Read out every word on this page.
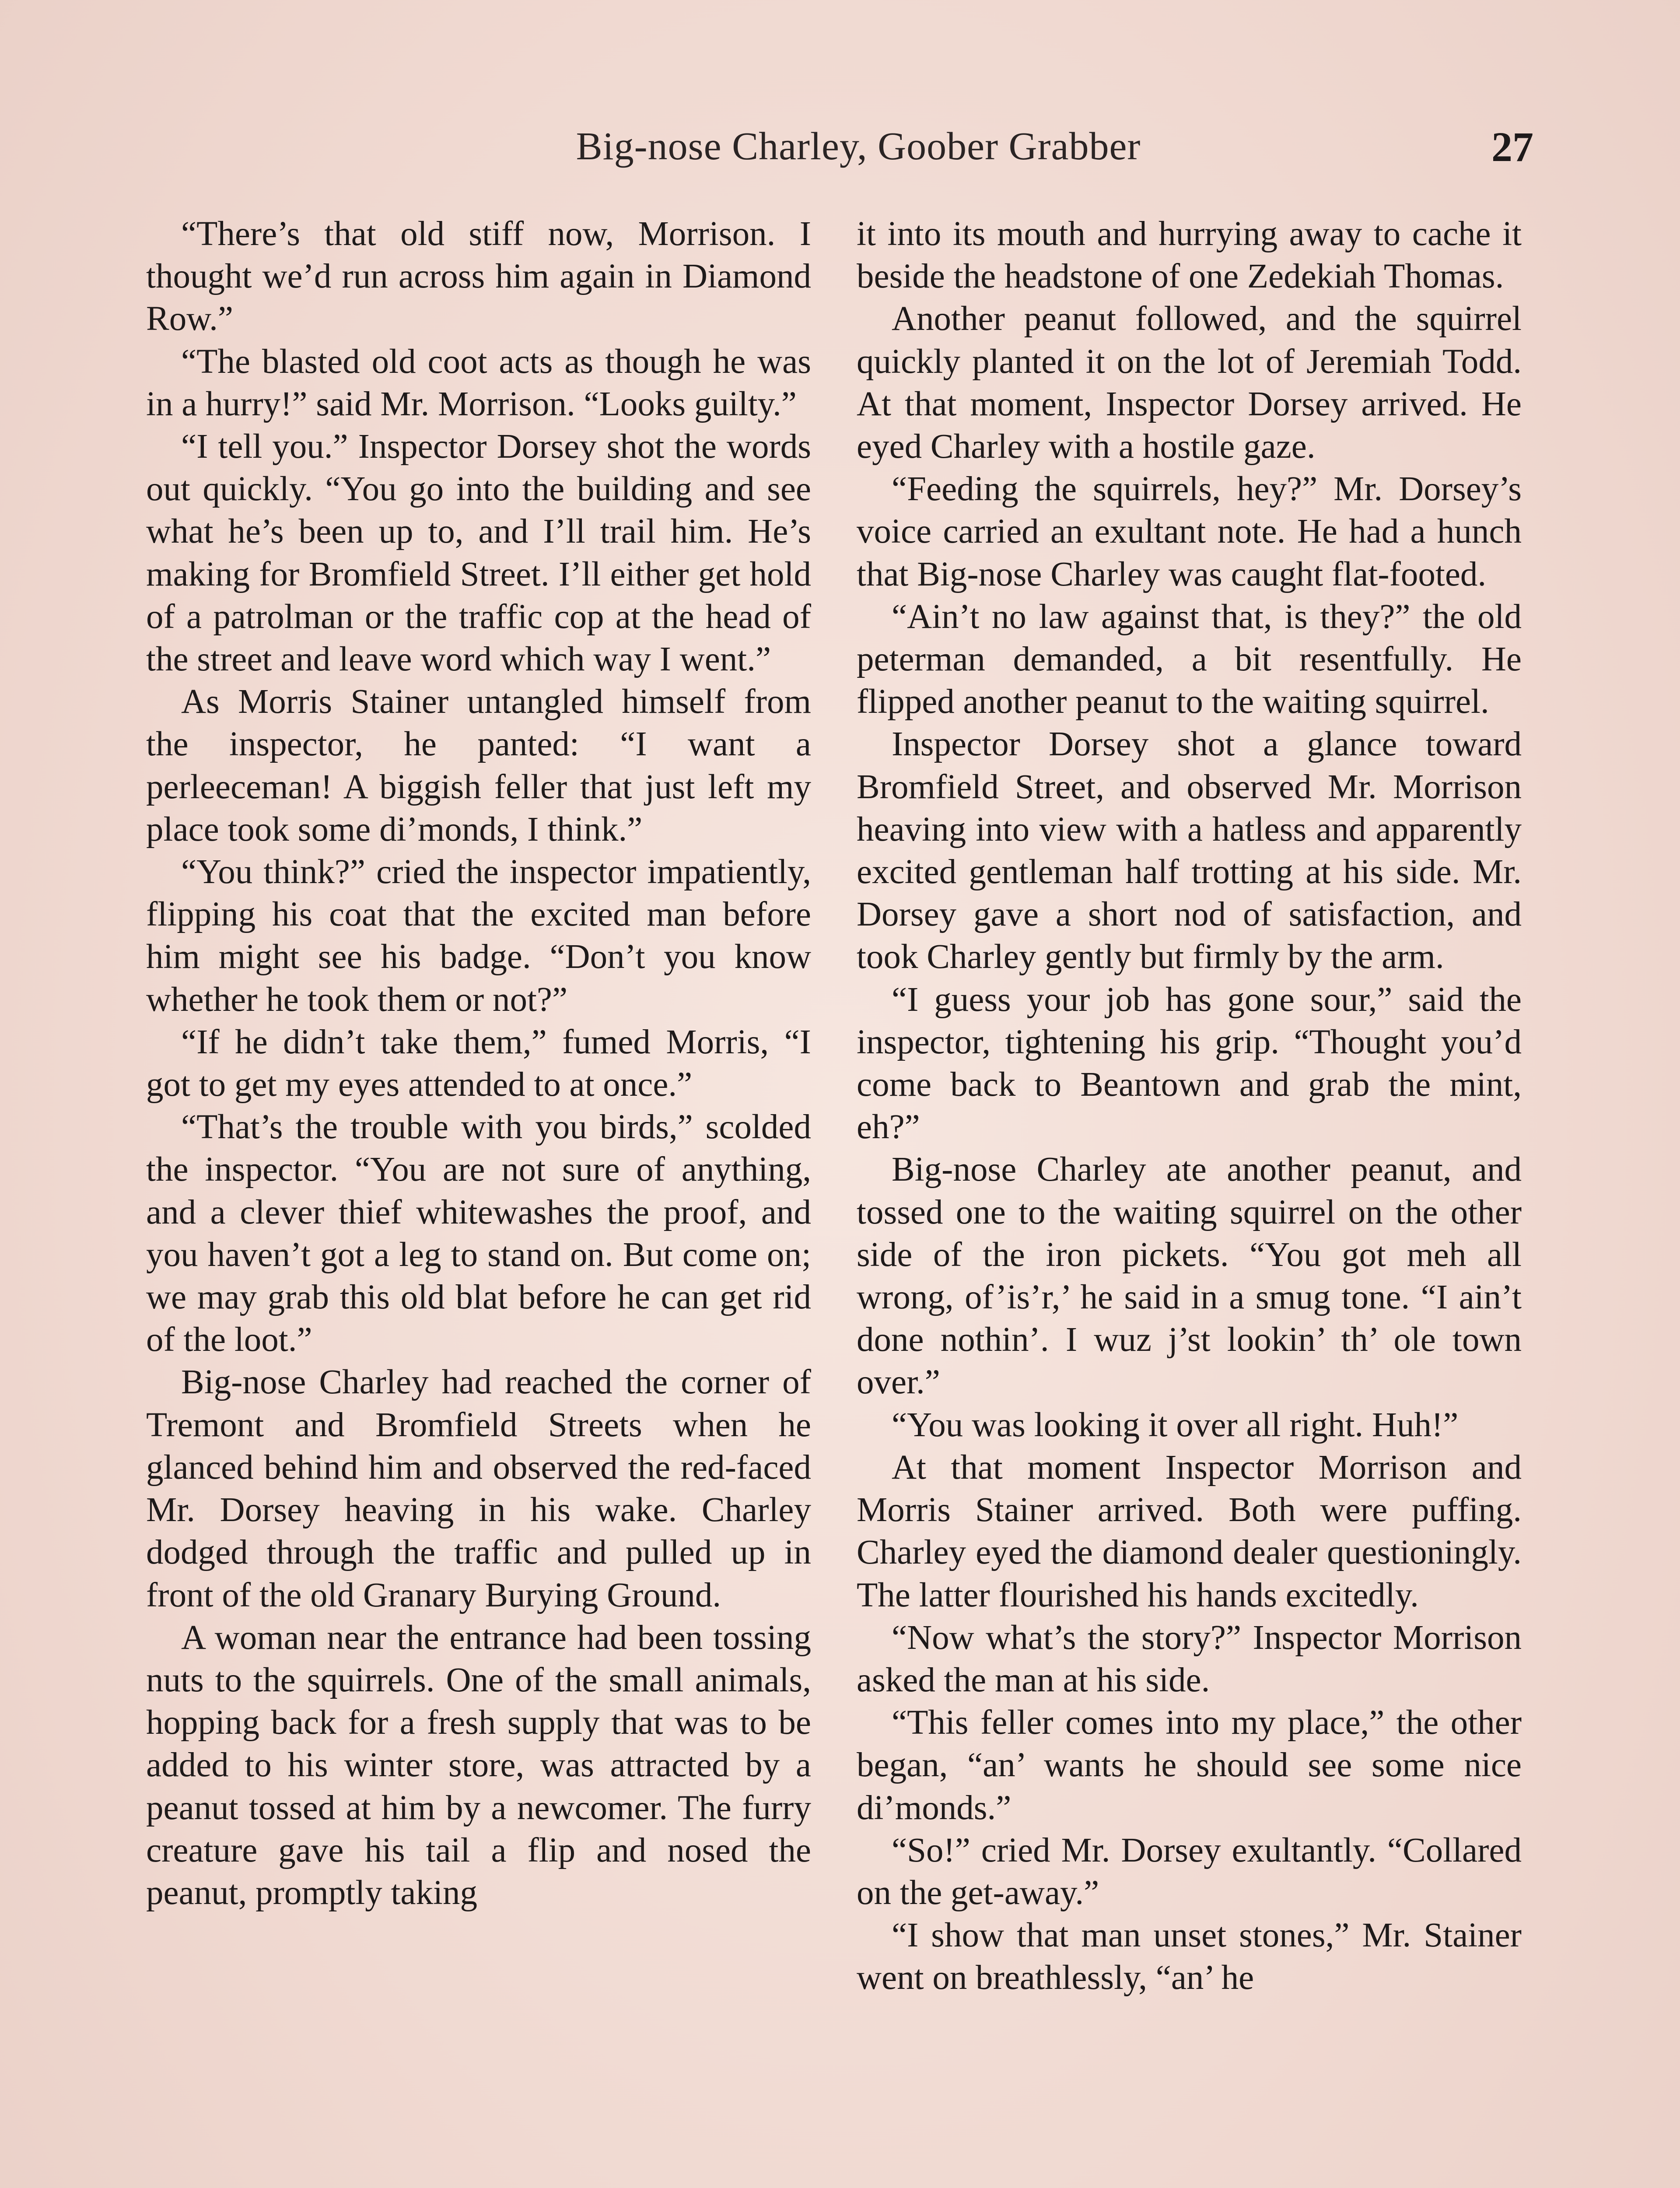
Big-nose Charley, Goober Grabber	27

“There’s that old stiff now, Morrison. I thought we’d run across him again in Diamond Row.”

“The blasted old coot acts as though he was in a hurry!” said Mr. Morrison. “Looks guilty.”

“I tell you.” Inspector Dorsey shot the words out quickly. “You go into the building and see what he’s been up to, and I’ll trail him. He’s making for Bromfield Street. I’ll either get hold of a patrolman or the traffic cop at the head of the street and leave word which way I went.”

As Morris Stainer untangled himself from the inspector, he panted: “I want a perleeceman! A biggish feller that just left my place took some di’monds, I think.”

“You think?” cried the inspector impatiently, flipping his coat that the excited man before him might see his badge. “Don’t you know whether he took them or not?”

“If he didn’t take them,” fumed Morris, “I got to get my eyes attended to at once.”

“That’s the trouble with you birds,” scolded the inspector. “You are not sure of anything, and a clever thief whitewashes the proof, and you haven’t got a leg to stand on. But come on; we may grab this old blat before he can get rid of the loot.”

Big-nose Charley had reached the corner of Tremont and Bromfield Streets when he glanced behind him and observed the red-faced Mr. Dorsey heaving in his wake. Charley dodged through the traffic and pulled up in front of the old Granary Burying Ground.

A woman near the entrance had been tossing nuts to the squirrels. One of the small animals, hopping back for a fresh supply that was to be added to his winter store, was attracted by a peanut tossed at him by a newcomer. The furry creature gave his tail a flip and nosed the peanut, promptly taking

it into its mouth and hurrying away to cache it beside the headstone of one Zedekiah Thomas.

Another peanut followed, and the squirrel quickly planted it on the lot of Jeremiah Todd. At that moment, Inspector Dorsey arrived. He eyed Charley with a hostile gaze.

“Feeding the squirrels, hey?” Mr. Dorsey’s voice carried an exultant note. He had a hunch that Big-nose Charley was caught flat-footed.

“Ain’t no law against that, is they?” the old peterman demanded, a bit resentfully. He flipped another peanut to the waiting squirrel.

Inspector Dorsey shot a glance toward Bromfield Street, and observed Mr. Morrison heaving into view with a hatless and apparently excited gentleman half trotting at his side. Mr. Dorsey gave a short nod of satisfaction, and took Charley gently but firmly by the arm.

“I guess your job has gone sour,” said the inspector, tightening his grip. “Thought you’d come back to Beantown and grab the mint, eh?”

Big-nose Charley ate another peanut, and tossed one to the waiting squirrel on the other side of the iron pickets. “You got meh all wrong, of’is’r,’ he said in a smug tone. “I ain’t done nothin’. I wuz j’st lookin’ th’ ole town over.”

“You was looking it over all right. Huh!”

At that moment Inspector Morrison and Morris Stainer arrived. Both were puffing. Charley eyed the diamond dealer questioningly. The latter flourished his hands excitedly.

“Now what’s the story?” Inspector Morrison asked the man at his side.

“This feller comes into my place,” the other began, “an’ wants he should see some nice di’monds.”

“So!” cried Mr. Dorsey exultantly. “Collared on the get-away.”

“I show that man unset stones,” Mr. Stainer went on breathlessly, “an’ he
